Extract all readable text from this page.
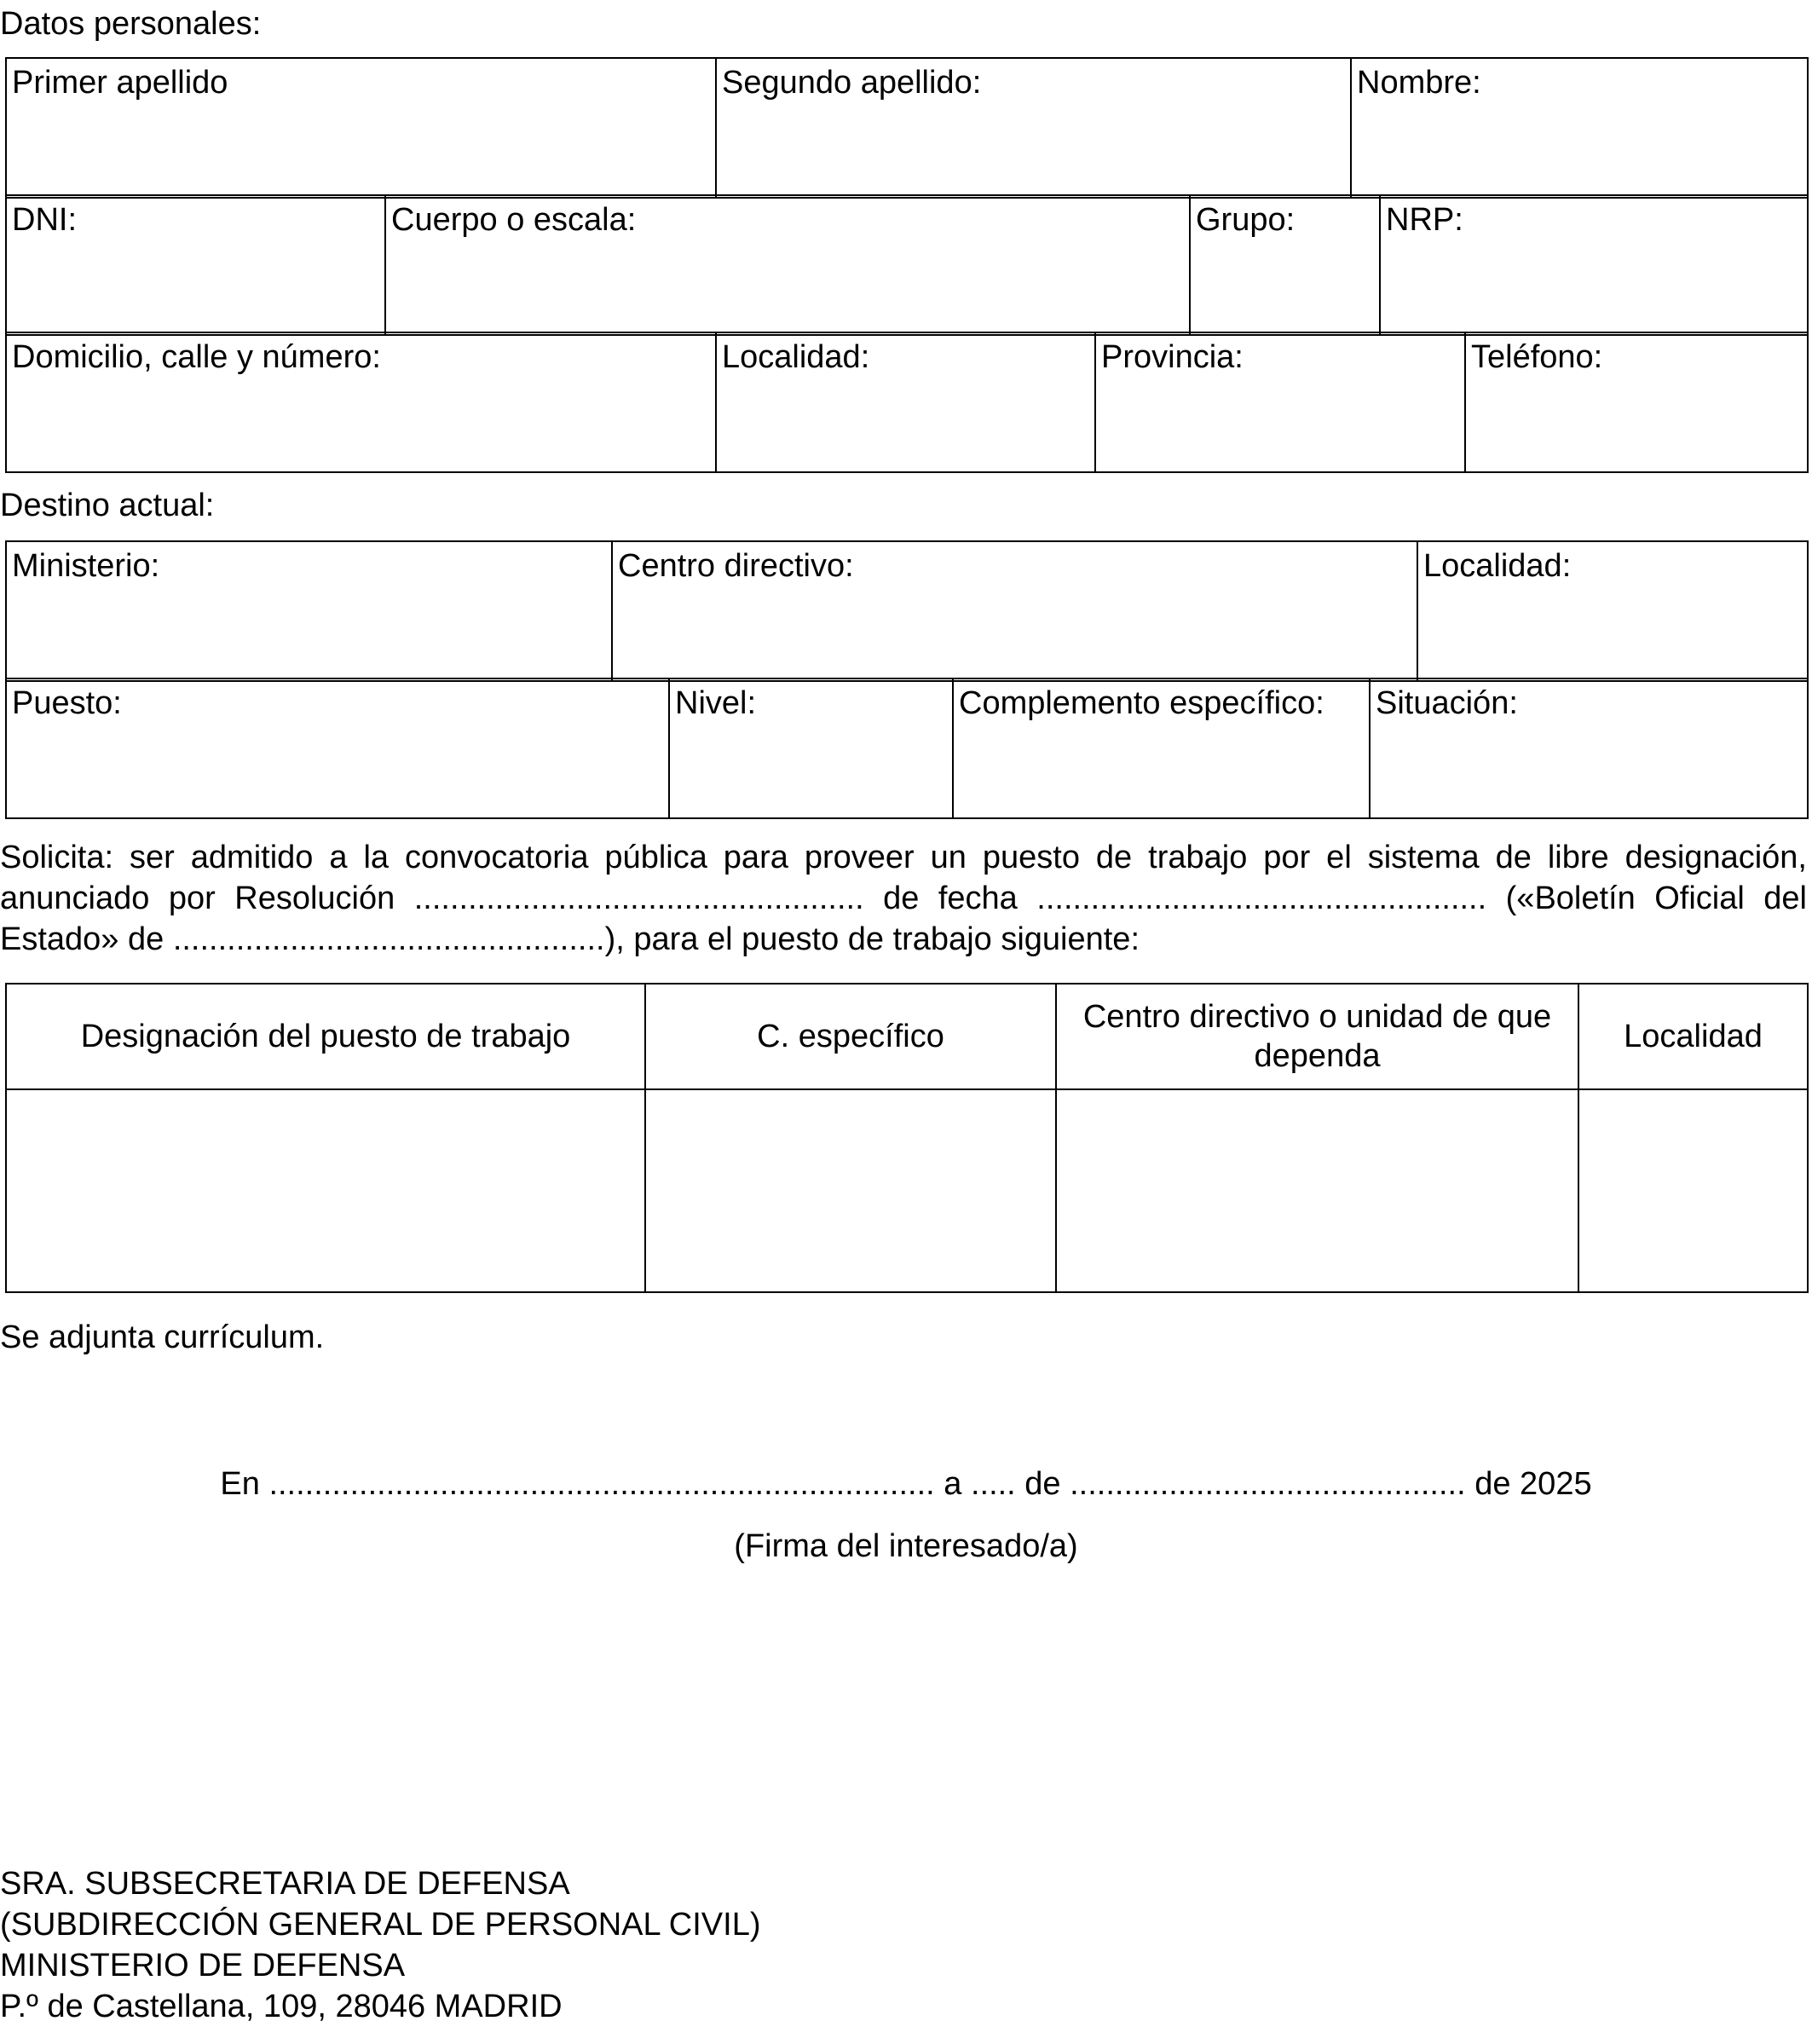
Datos personales:
Primer apellido	Segundo apellido:	Nombre:
DNI:	Cuerpo o escala:	Grupo:	NRP:
Domicilio, calle y número:	Localidad:	Provincia:	Teléfono:
Destino actual:
Ministerio:	Centro directivo:	Localidad:
Puesto:	Nivel:	Complemento específico:	Situación:
Solicita: ser admitido a la convocatoria pública para proveer un puesto de trabajo por el sistema de libre designación, anunciado por Resolución .................................................. de fecha .................................................. («Boletín Oficial del Estado» de ................................................), para el puesto de trabajo siguiente:
Designación del puesto de trabajo	C. específico	Centro directivo o unidad de que dependa	Localidad

Se adjunta currículum.
En .......................................................................... a ..... de ............................................ de 2025
(Firma del interesado/a)
SRA. SUBSECRETARIA DE DEFENSA
(SUBDIRECCIÓN GENERAL DE PERSONAL CIVIL)
MINISTERIO DE DEFENSA
P.º de Castellana, 109, 28046 MADRID
